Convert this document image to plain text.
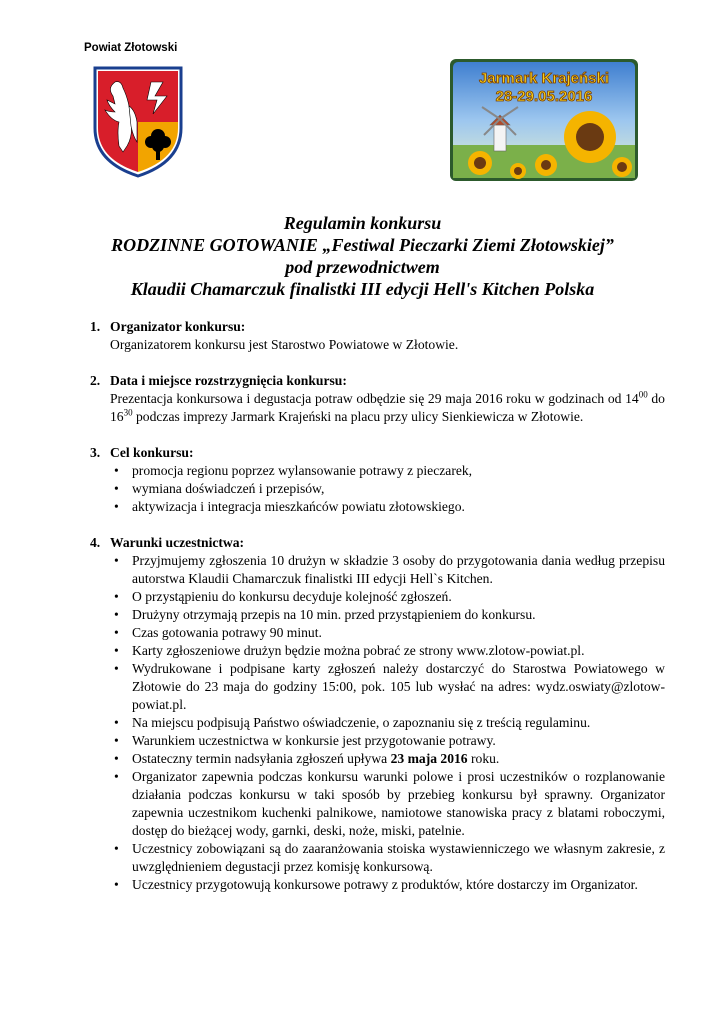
Powiat Złotowski
Jarmark Krajeński
28-29.05.2016
Regulamin konkursu
RODZINNE GOTOWANIE „Festiwal Pieczarki Ziemi Złotowskiej”
pod przewodnictwem
Klaudii Chamarczuk finalistki III edycji Hell's Kitchen Polska
1. Organizator konkursu:
Organizatorem konkursu jest Starostwo Powiatowe w Złotowie.
2. Data i miejsce rozstrzygnięcia konkursu:
Prezentacja konkursowa i degustacja potraw odbędzie się 29 maja 2016 roku w godzinach od $14^{00}$ do $16^{30}$ podczas imprezy Jarmark Krajeński na placu przy ulicy Sienkiewicza w Złotowie.
3. Cel konkursu:
• promocja regionu poprzez wylansowanie potrawy z pieczarek,
• wymiana doświadczeń i przepisów,
• aktywizacja i integracja mieszkańców powiatu złotowskiego.
4. Warunki uczestnictwa:
• Przyjmujemy zgłoszenia 10 drużyn w składzie 3 osoby do przygotowania dania według przepisu autorstwa Klaudii Chamarczuk finalistki III edycji Hell`s Kitchen.
• O przystąpieniu do konkursu decyduje kolejność zgłoszeń.
• Drużyny otrzymają przepis na 10 min. przed przystąpieniem do konkursu.
• Czas gotowania potrawy 90 minut.
• Karty zgłoszeniowe drużyn będzie można pobrać ze strony www.zlotow-powiat.pl.
• Wydrukowane i podpisane karty zgłoszeń należy dostarczyć do Starostwa Powiatowego w Złotowie do 23 maja do godziny 15:00, pok. 105 lub wysłać na adres: wydz.oswiaty@zlotow-powiat.pl.
• Na miejscu podpisują Państwo oświadczenie, o zapoznaniu się z treścią regulaminu.
• Warunkiem uczestnictwa w konkursie jest przygotowanie potrawy.
• Ostateczny termin nadsyłania zgłoszeń upływa 23 maja 2016 roku.
• Organizator zapewnia podczas konkursu warunki polowe i prosi uczestników o rozplanowanie działania podczas konkursu w taki sposób by przebieg konkursu był sprawny. Organizator zapewnia uczestnikom kuchenki palnikowe, namiotowe stanowiska pracy z blatami roboczymi, dostęp do bieżącej wody, garnki, deski, noże, miski, patelnie.
• Uczestnicy zobowiązani są do zaaranżowania stoiska wystawienniczego we własnym zakresie, z uwzględnieniem degustacji przez komisję konkursową.
• Uczestnicy przygotowują konkursowe potrawy z produktów, które dostarczy im Organizator.
